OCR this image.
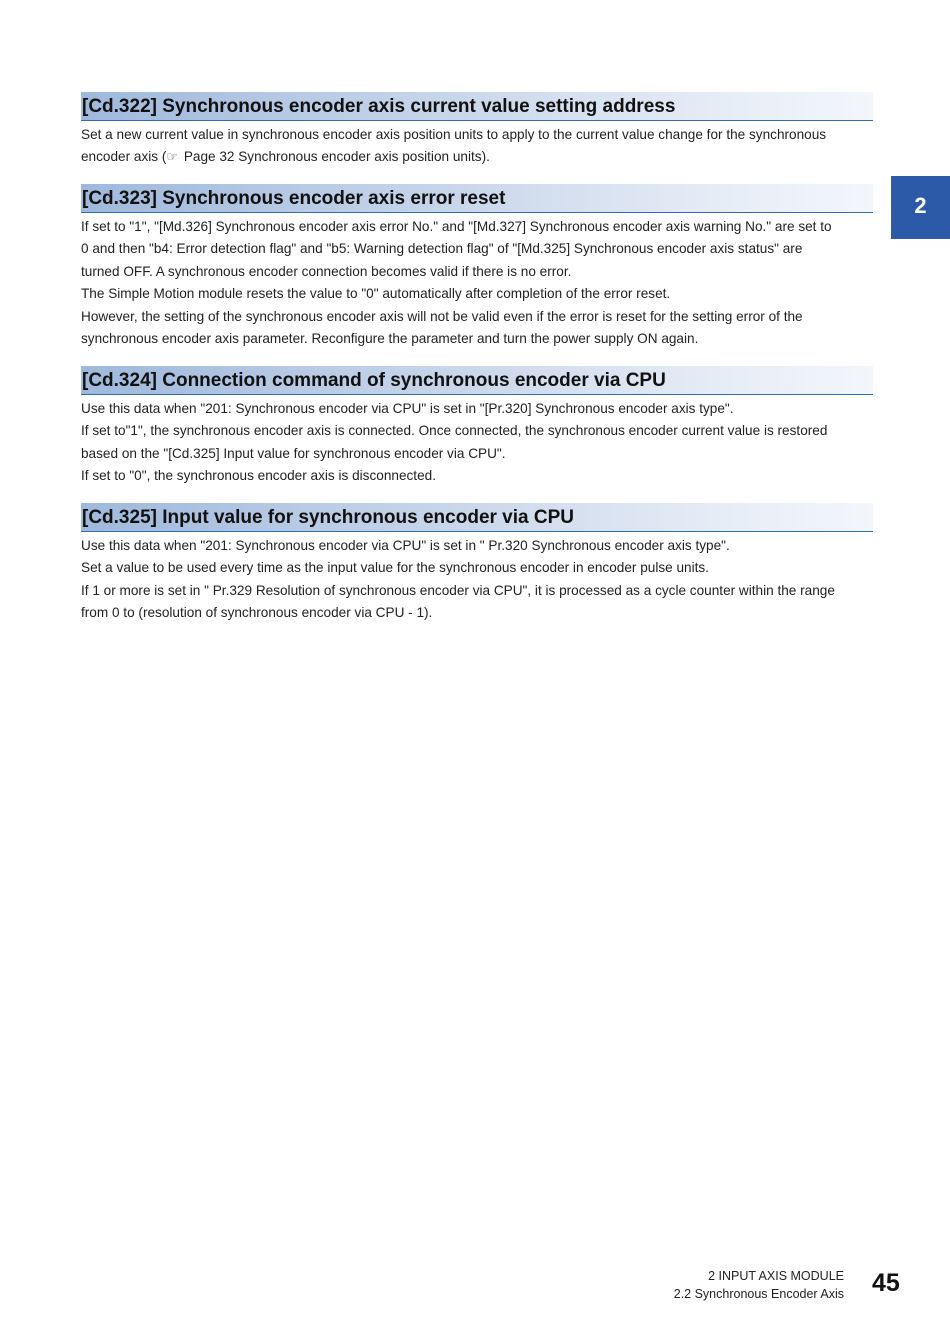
2
[Cd.322] Synchronous encoder axis current value setting address

Set a new current value in synchronous encoder axis position units to apply to the current value change for the synchronous

encoder axis (☞ Page 32 Synchronous encoder axis position units).

[Cd.323] Synchronous encoder axis error reset

If set to "1", "[Md.326] Synchronous encoder axis error No." and "[Md.327] Synchronous encoder axis warning No." are set to

0 and then "b4: Error detection flag" and "b5: Warning detection flag" of "[Md.325] Synchronous encoder axis status" are

turned OFF. A synchronous encoder connection becomes valid if there is no error.

The Simple Motion module resets the value to "0" automatically after completion of the error reset.

However, the setting of the synchronous encoder axis will not be valid even if the error is reset for the setting error of the

synchronous encoder axis parameter. Reconfigure the parameter and turn the power supply ON again.

[Cd.324] Connection command of synchronous encoder via CPU

Use this data when "201: Synchronous encoder via CPU" is set in "[Pr.320] Synchronous encoder axis type".

If set to"1", the synchronous encoder axis is connected. Once connected, the synchronous encoder current value is restored

based on the "[Cd.325] Input value for synchronous encoder via CPU".

If set to "0", the synchronous encoder axis is disconnected.

[Cd.325] Input value for synchronous encoder via CPU

Use this data when "201: Synchronous encoder via CPU" is set in " Pr.320 Synchronous encoder axis type".

Set a value to be used every time as the input value for the synchronous encoder in encoder pulse units.

If 1 or more is set in " Pr.329 Resolution of synchronous encoder via CPU", it is processed as a cycle counter within the range

from 0 to (resolution of synchronous encoder via CPU - 1).

2 INPUT AXIS MODULE
2.2 Synchronous Encoder Axis 45
